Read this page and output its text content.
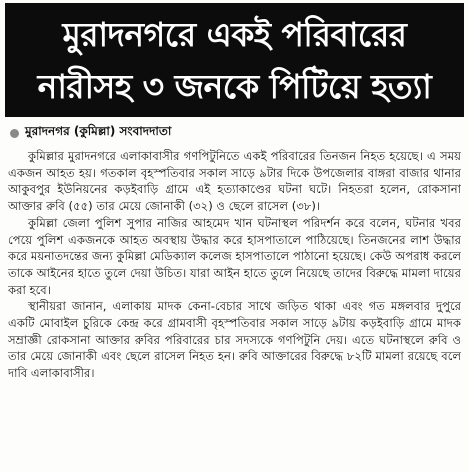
মুরাদনগরে একই পরিবারের
নারীসহ ৩ জনকে পিটিয়ে হত্যা
মুরাদনগর (কুমিল্লা) সংবাদদাতা

কুমিল্লার মুরাদনগরে এলাকাবাসীর গণপিটুনিতে একই পরিবারের তিনজন নিহত হয়েছে। এ সময় একজন আহত হয়। গতকাল বৃহস্পতিবার সকাল সাড়ে ৯টার দিকে উপজেলার বাঙ্গরা বাজার থানার আকুবপুর ইউনিয়নের কড়ইবাড়ি গ্রামে এই হত্যাকাণ্ডের ঘটনা ঘটে। নিহতরা হলেন, রোকসানা আক্তার রুবি (৫৫) তার মেয়ে জোনাকী (৩২) ও ছেলে রাসেল (৩৮)।

কুমিল্লা জেলা পুলিশ সুপার নাজির আহমেদ খান ঘটনাস্থল পরিদর্শন করে বলেন, ঘটনার খবর পেয়ে পুলিশ একজনকে আহত অবস্থায় উদ্ধার করে হাসপাতালে পাঠিয়েছে। তিনজনের লাশ উদ্ধার করে ময়নাতদন্তের জন্য কুমিল্লা মেডিক্যাল কলেজ হাসপাতালে পাঠানো হয়েছে। কেউ অপরাধ করলে তাকে আইনের হাতে তুলে দেয়া উচিত। যারা আইন হাতে তুলে নিয়েছে তাদের বিরুদ্ধে মামলা দায়ের করা হবে।

স্থানীয়রা জানান, এলাকায় মাদক কেনা-বেচার সাথে জড়িত থাকা এবং গত মঙ্গলবার দুপুরে একটি মোবাইল চুরিকে কেন্দ্র করে গ্রামবাসী বৃহস্পতিবার সকাল সাড়ে ৯টায় কড়ইবাড়ি গ্রামে মাদক সম্রাজ্ঞী রোকসানা আক্তার রুবির পরিবারের চার সদস্যকে গণপিটুনি দেয়। এতে ঘটনাস্থলে রুবি ও তার মেয়ে জোনাকী এবং ছেলে রাসেল নিহত হন। রুবি আক্তারের বিরুদ্ধে ৮২টি মামলা রয়েছে বলে দাবি এলাকাবাসীর।
